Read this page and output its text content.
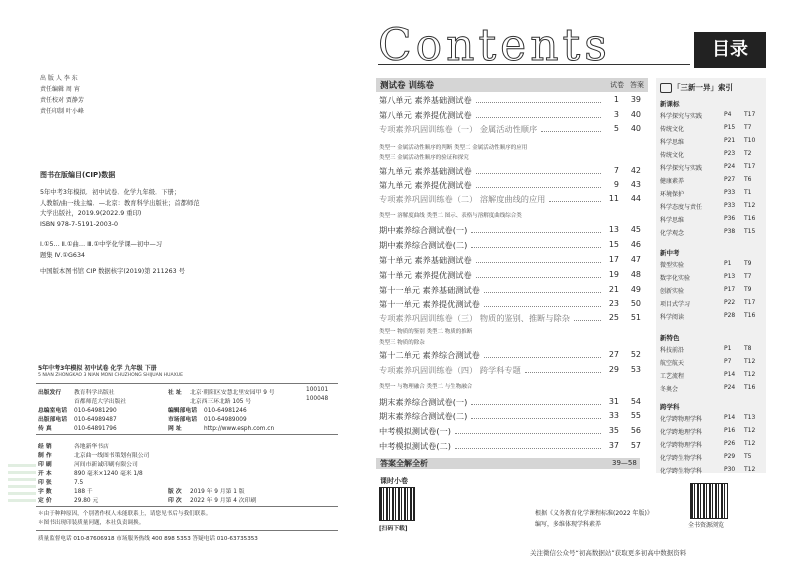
出 版 人 李 东
责任编辑 周 宵
责任校对 贾静芳
责任印制 叶小峰
图书在版编目(CIP)数据
5年中考3年模拟．初中试卷．化学九年级．下册；
人教版/曲一线主编．—北京：教育科学出版社；首都师范
大学出版社，2019.9(2022.9 重印)
ISBN 978-7-5191-2003-0
Ⅰ.①5… Ⅱ.①曲… Ⅲ.①中学化学课—初中—习
题集 Ⅳ.①G634
中国版本图书馆 CIP 数据核字(2019)第 211263 号
5年中考3年模拟 初中试卷 化学 九年级 下册
5 NIAN ZHONGKAO 3 NIAN MONI CHUZHONG SHIJUAN HUAXUE
出版发行 教育科学出版社	社 址 北京·朝阳区安慧北里安园甲 9 号	100101
首都师范大学出版社	北京西三环北路 105 号	100048
总编室电话 010-64981290	编辑部电话 010-64981246
出版部电话 010-64989487	市场部电话 010-64989009
传 真	010-64891796	网 址	http://www.esph.com.cn
经 销	各地新华书店
制 作	北京曲一线图书策划有限公司
印 刷	河间市新诚印刷有限公司
开 本	890 毫米×1240 毫米 1/8
印 张	7.5
字 数	188 千	版 次 2019 年 9 月第 1 版
定 价	29.80 元	印 次 2022 年 9 月第 4 次印刷
＊由于种种原因，个别著作权人未能联系上，请您见书后与我们联系。
＊图书出现印装质量问题，本社负责调换。
质量监督电话 010-87606918 市场服务热线 400 898 5353 答疑电话 010-63735353
Contents	目录
测试卷 训练卷	试卷 答案
第八单元 素养基础测试卷	1 39
第八单元 素养提优测试卷	3 40
专项素养巩固训练卷（一） 金属活动性顺序	5 40
第九单元 素养基础测试卷	7 42
第九单元 素养提优测试卷	9 43
专项素养巩固训练卷（二） 溶解度曲线的应用	11 44
期中素养综合测试卷(一)	13 45
期中素养综合测试卷(二)	15 46
第十单元 素养基础测试卷	17 47
第十单元 素养提优测试卷	19 48
第十一单元 素养基础测试卷	21 49
第十一单元 素养提优测试卷	23 50
专项素养巩固训练卷（三） 物质的鉴别、推断与除杂	25 51
第十二单元 素养综合测试卷	27 52
专项素养巩固训练卷（四） 跨学科专题	29 53
期末素养综合测试卷(一)	31 54
期末素养综合测试卷(二)	33 55
中考模拟测试卷(一)	35 56
中考模拟测试卷(二)	37 57
类型一 金属活动性顺序的判断 类型二 金属活动性顺序的应用
类型三 金属活动性顺序的验证和探究
类型一 溶解度曲线 类型二 图示、表格与溶解度曲线综合类
类型一 物质的鉴别 类型二 物质的推断
类型三 物质的除杂
类型一 与物理融合 类型二 与生物融合
答案全解全析	39—58
课时小卷
[扫码下载]
根据《义务教育化学课程标准(2022 年版)》
编写，多维体现学科素养
「三新一异」索引
新课标
科学探究与实践	P4 T17
传统文化	P15 T7
科学思维	P21 T10
传统文化	P23 T2
科学探究与实践	P24 T17
健康素养	P27 T6
环境保护	P33 T1
科学态度与责任	P33 T12
科学思维	P36 T16
化学观念	P38 T15
新中考
微型实验	P1 T9
数字化实验	P13 T7
创新实验	P17 T9
项目式学习	P22 T17
科学阅读	P28 T16
新特色
科技前沿	P1 T8
航空航天	P7 T12
工艺流程	P14 T12
冬奥会	P24 T16
跨学科
化学跨物理学科	P14 T13
化学跨地理学科	P16 T12
化学跨物理学科	P26 T12
化学跨生物学科	P29 T5
化学跨生物学科	P30 T12
全书资源浏览
关注微信公众号“初高数据站”获取更多初高中数据资料
